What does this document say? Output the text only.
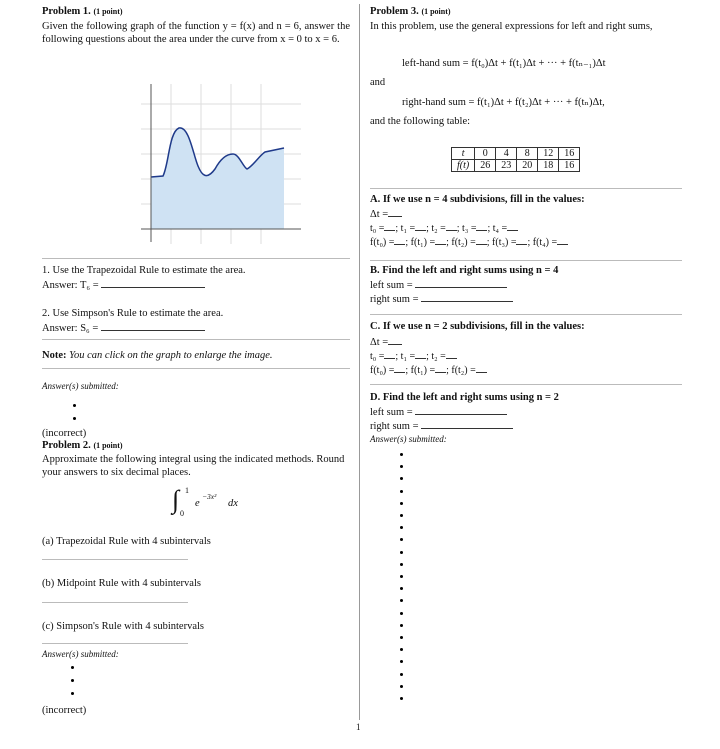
1
Problem 1. (1 point)
Given the following graph of the function y = f(x) and n = 6, answer the following questions about the area under the curve from x = 0 to x = 6.
1. Use the Trapezoidal Rule to estimate the area.
Answer: T₆ =
2. Use Simpson's Rule to estimate the area.
Answer: S₆ =
Note: You can click on the graph to enlarge the image.
Answer(s) submitted:
(incorrect)
Problem 2. (1 point)
Approximate the following integral using the indicated methods. Round your answers to six decimal places.
∫ 1
0
e
−3x²
dx
(a) Trapezoidal Rule with 4 subintervals
(b) Midpoint Rule with 4 subintervals
(c) Simpson's Rule with 4 subintervals
Answer(s) submitted:
(incorrect)
Problem 3. (1 point)
In this problem, use the general expressions for left and right sums,
left-hand sum = f(t₀)Δt + f(t₁)Δt + ··· + f(tₙ₋₁)Δt
and
right-hand sum = f(t₁)Δt + f(t₂)Δt + ··· + f(tₙ)Δt,
and the following table:
t	0	4	8	12	16
f(t)	26	23	20	18	16
A. If we use n = 4 subdivisions, fill in the values:
Δt =
t₀ = ; t₁ = ; t₂ = ; t₃ = ; t₄ =
f(t₀) = ; f(t₁) = ; f(t₂) = ; f(t₃) = ; f(t₄) =
B. Find the left and right sums using n = 4
left sum =
right sum =
C. If we use n = 2 subdivisions, fill in the values:
Δt =
t₀ = ; t₁ = ; t₂ =
f(t₀) = ; f(t₁) = ; f(t₂) =
D. Find the left and right sums using n = 2
left sum =
right sum =
Answer(s) submitted:
